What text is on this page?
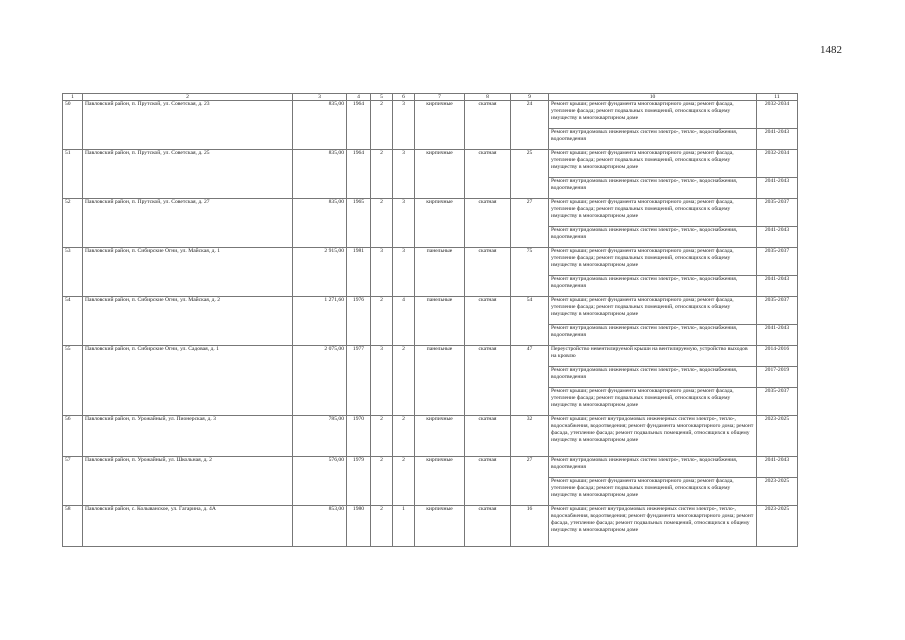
1482
1	2	3	4	5	6	7	8	9	10	11
50	Павловский район, п. Прутской, ул. Советская, д. 23	835,00	1964	2	3	кирпичные	скатная	24	Ремонт крыши; ремонт фундамента многоквартирного дома; ремонт фасада, утепление фасада; ремонт подвальных помещений, относящихся к общему имуществу в многоквартирном доме	2032-2034
									Ремонт внутридомовых инженерных систем электро-, тепло-, водоснабжения, водоотведения	2041-2043
51	Павловский район, п. Прутской, ул. Советская, д. 25	835,00	1964	2	3	кирпичные	скатная	25	Ремонт крыши; ремонт фундамента многоквартирного дома; ремонт фасада, утепление фасада; ремонт подвальных помещений, относящихся к общему имуществу в многоквартирном доме	2032-2034
									Ремонт внутридомовых инженерных систем электро-, тепло-, водоснабжения, водоотведения	2041-2043
52	Павловский район, п. Прутской, ул. Советская, д. 27	835,00	1965	2	3	кирпичные	скатная	27	Ремонт крыши; ремонт фундамента многоквартирного дома; ремонт фасада, утепление фасада; ремонт подвальных помещений, относящихся к общему имуществу в многоквартирном доме	2035-2037
									Ремонт внутридомовых инженерных систем электро-, тепло-, водоснабжения, водоотведения	2041-2043
53	Павловский район, п. Сибирские Огни, ул. Майская, д. 1	2 915,00	1981	3	3	панельные	скатная	75	Ремонт крыши; ремонт фундамента многоквартирного дома; ремонт фасада, утепление фасада; ремонт подвальных помещений, относящихся к общему имуществу в многоквартирном доме	2035-2037
									Ремонт внутридомовых инженерных систем электро-, тепло-, водоснабжения, водоотведения	2041-2043
54	Павловский район, п. Сибирские Огни, ул. Майская, д. 2	1 271,60	1976	2	4	панельные	скатная	54	Ремонт крыши; ремонт фундамента многоквартирного дома; ремонт фасада, утепление фасада; ремонт подвальных помещений, относящихся к общему имуществу в многоквартирном доме	2035-2037
									Ремонт внутридомовых инженерных систем электро-, тепло-, водоснабжения, водоотведения	2041-2043
55	Павловский район, п. Сибирские Огни, ул. Садовая, д. 1	2 075,00	1977	3	2	панельные	скатная	47	Переустройство невентилируемой крыши на вентилируемую, устройство выходов на кровлю	2014-2016
									Ремонт внутридомовых инженерных систем электро-, тепло-, водоснабжения, водоотведения	2017-2019
									Ремонт крыши; ремонт фундамента многоквартирного дома; ремонт фасада, утепление фасада; ремонт подвальных помещений, относящихся к общему имуществу в многоквартирном доме	2035-2037
56	Павловский район, п. Урожайный, ул. Пионерская, д. 3	785,00	1970	2	2	кирпичные	скатная	32	Ремонт крыши; ремонт внутридомовых инженерных систем электро-, тепло-, водоснабжения, водоотведения; ремонт фундамента многоквартирного дома; ремонт фасада, утепление фасада; ремонт подвальных помещений, относящихся к общему имуществу в многоквартирном доме	2023-2025
57	Павловский район, п. Урожайный, ул. Школьная, д. 2	576,00	1979	2	2	кирпичные	скатная	27	Ремонт внутридомовых инженерных систем электро-, тепло-, водоснабжения, водоотведения	2041-2043
									Ремонт крыши; ремонт фундамента многоквартирного дома; ремонт фасада, утепление фасада; ремонт подвальных помещений, относящихся к общему имуществу в многоквартирном доме	2023-2025
58	Павловский район, с. Колыванское, ул. Гагарина, д. 4А	853,00	1980	2	1	кирпичные	скатная	16	Ремонт крыши; ремонт внутридомовых инженерных систем электро-, тепло-, водоснабжения, водоотведения; ремонт фундамента многоквартирного дома; ремонт фасада, утепление фасада; ремонт подвальных помещений, относящихся к общему имуществу в многоквартирном доме	2023-2025
